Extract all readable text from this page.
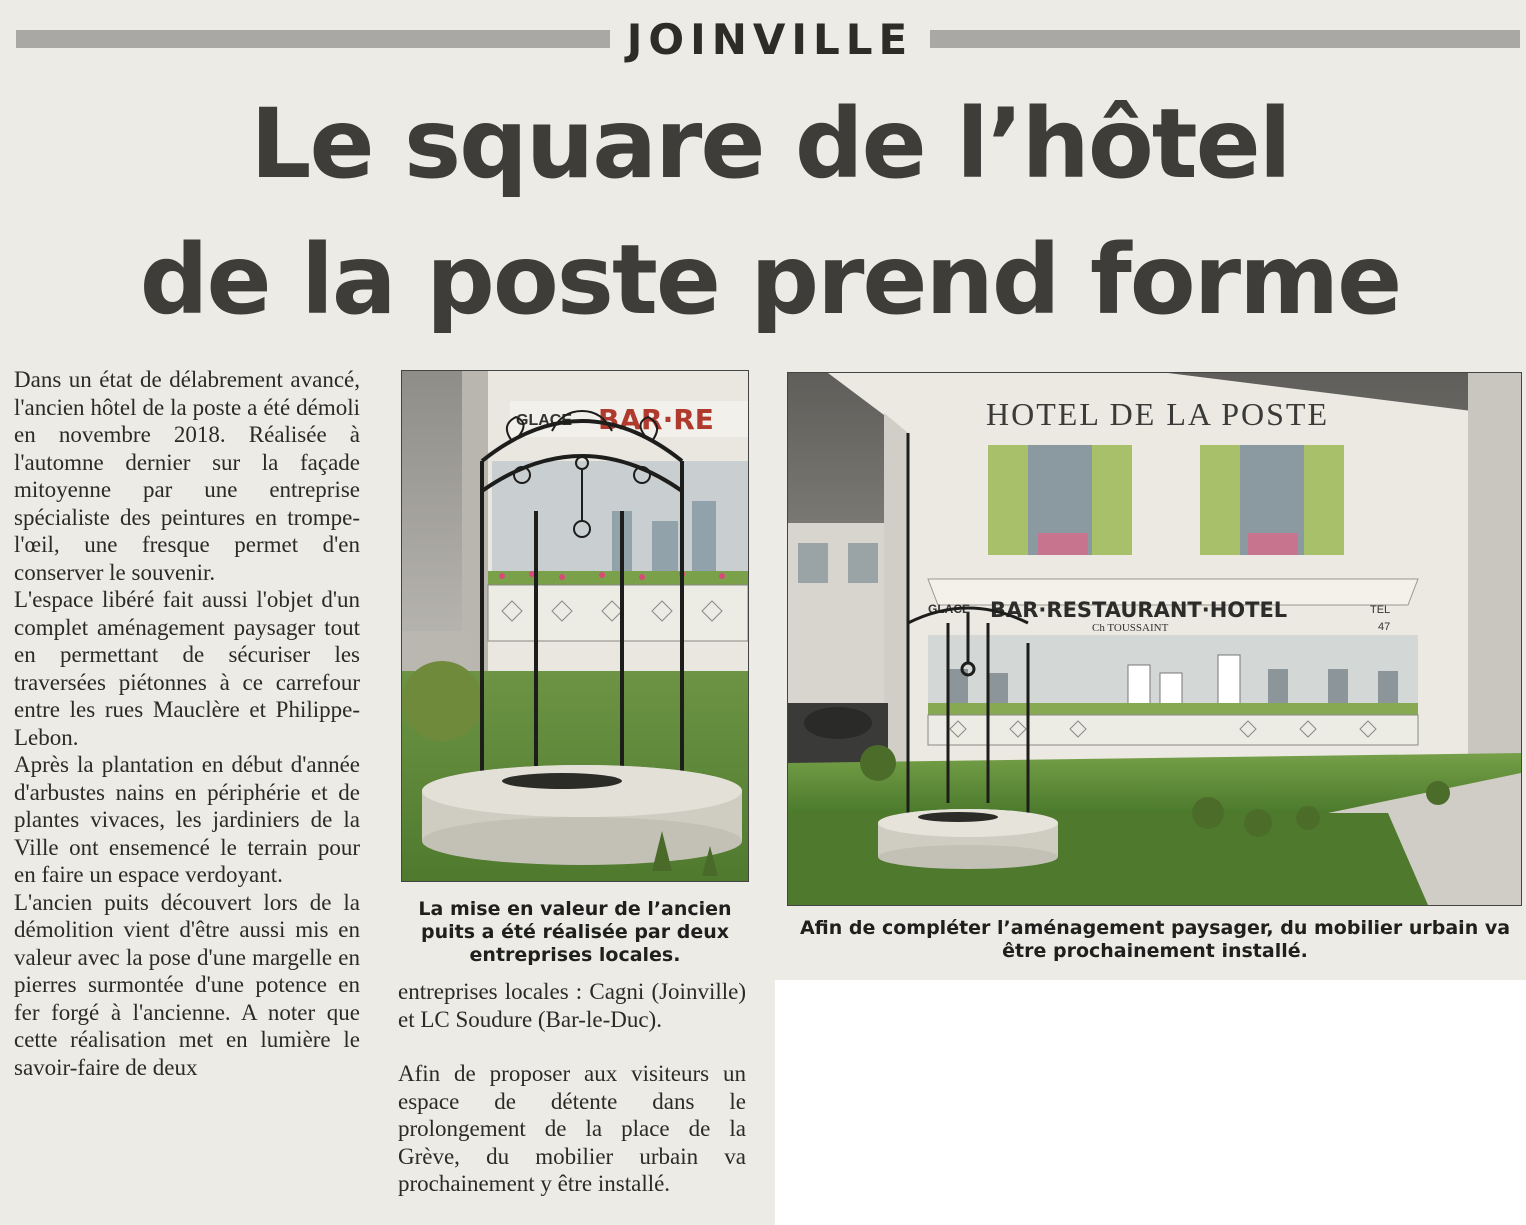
JOINVILLE
Le square de l’hôtel
de la poste prend forme

Dans un état de délabrement avancé, l'ancien hôtel de la poste a été démoli en novembre 2018. Réalisée à l'automne dernier sur la façade mitoyenne par une entreprise spécialiste des peintures en trompe-l'œil, une fresque permet d'en conserver le souvenir.

L'espace libéré fait aussi l'objet d'un complet aménagement paysager tout en permettant de sécuriser les traversées piétonnes à ce carrefour entre les rues Mauclère et Philippe-Lebon.

Après la plantation en début d'année d'arbustes nains en périphérie et de plantes vivaces, les jardiniers de la Ville ont ensemencé le terrain pour en faire un espace verdoyant.

L'ancien puits découvert lors de la démolition vient d'être aussi mis en valeur avec la pose d'une margelle en pierres surmontée d'une potence en fer forgé à l'ancienne. A noter que cette réalisation met en lumière le savoir-faire de deux

GLACE BAR·RE	HOTEL DE LA POSTE
GLACE BAR·RESTAURANT·HOTEL
Ch TOUSSAINT
TEL
47
La mise en valeur de l’ancien puits a été réalisée par deux entreprises locales.
Afin de compléter l’aménagement paysager, du mobilier urbain va être prochainement installé.

entreprises locales : Cagni (Joinville) et LC Soudure (Bar-le-Duc).

Afin de proposer aux visiteurs un espace de détente dans le prolongement de la place de la Grève, du mobilier urbain va prochainement y être installé.
